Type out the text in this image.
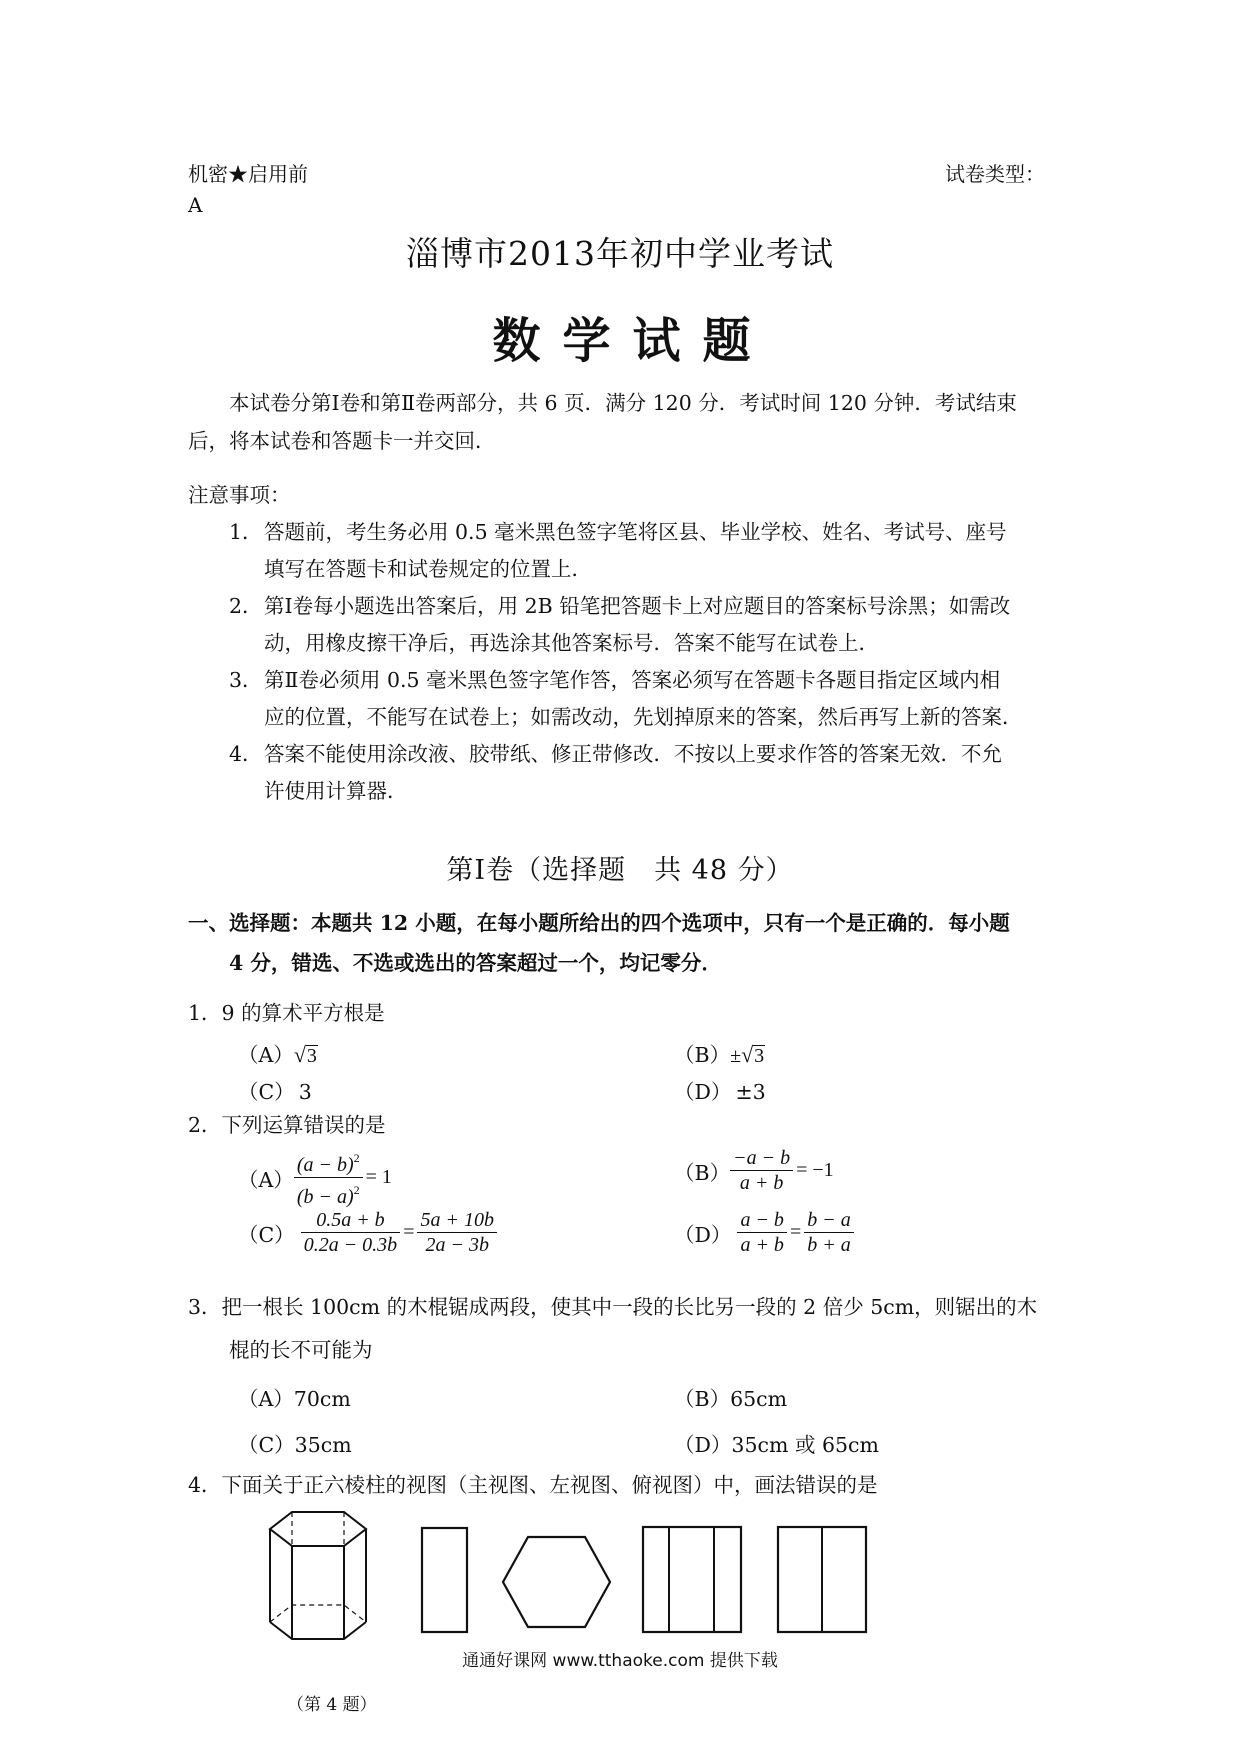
机密★启用前	试卷类型：
A
淄博市2013年初中学业考试
数学试题
本试卷分第Ⅰ卷和第Ⅱ卷两部分，共 6 页．满分 120 分．考试时间 120 分钟．考试结束
后，将本试卷和答题卡一并交回．
注意事项：
1． 答题前，考生务必用 0.5 毫米黑色签字笔将区县、毕业学校、姓名、考试号、座号
填写在答题卡和试卷规定的位置上．
2． 第Ⅰ卷每小题选出答案后，用 2B 铅笔把答题卡上对应题目的答案标号涂黑；如需改
动，用橡皮擦干净后，再选涂其他答案标号．答案不能写在试卷上．
3． 第Ⅱ卷必须用 0.5 毫米黑色签字笔作答，答案必须写在答题卡各题目指定区域内相
应的位置，不能写在试卷上；如需改动，先划掉原来的答案，然后再写上新的答案．
4． 答案不能使用涂改液、胶带纸、修正带修改．不按以上要求作答的答案无效．不允
许使用计算器．
第Ⅰ卷（选择题　共 48 分）
一、选择题：本题共 12 小题，在每小题所给出的四个选项中，只有一个是正确的．每小题
4 分，错选、不选或选出的答案超过一个，均记零分．
1．9 的算术平方根是
（A）√3	（B）±√3
（C） 3	（D） ±3
2．下列运算错误的是
$(A) \frac{(a - b)^2}{(b - a)^2} = 1$	$(B) \frac{-a - b}{a + b} = -1$
$(C) \frac{0.5a + b}{0.2a - 0.3b} = \frac{5a + 10b}{2a - 3b}$	$(D) \frac{a - b}{a + b} = \frac{b - a}{b + a}$
3．把一根长 100cm 的木棍锯成两段，使其中一段的长比另一段的 2 倍少 5cm，则锯出的木
棍的长不可能为
（A）70cm	（B）65cm
（C）35cm	（D）35cm 或 65cm
4．下面关于正六棱柱的视图（主视图、左视图、俯视图）中，画法错误的是
通通好课网 www.tthaoke.com 提供下载
（第 4 题）
